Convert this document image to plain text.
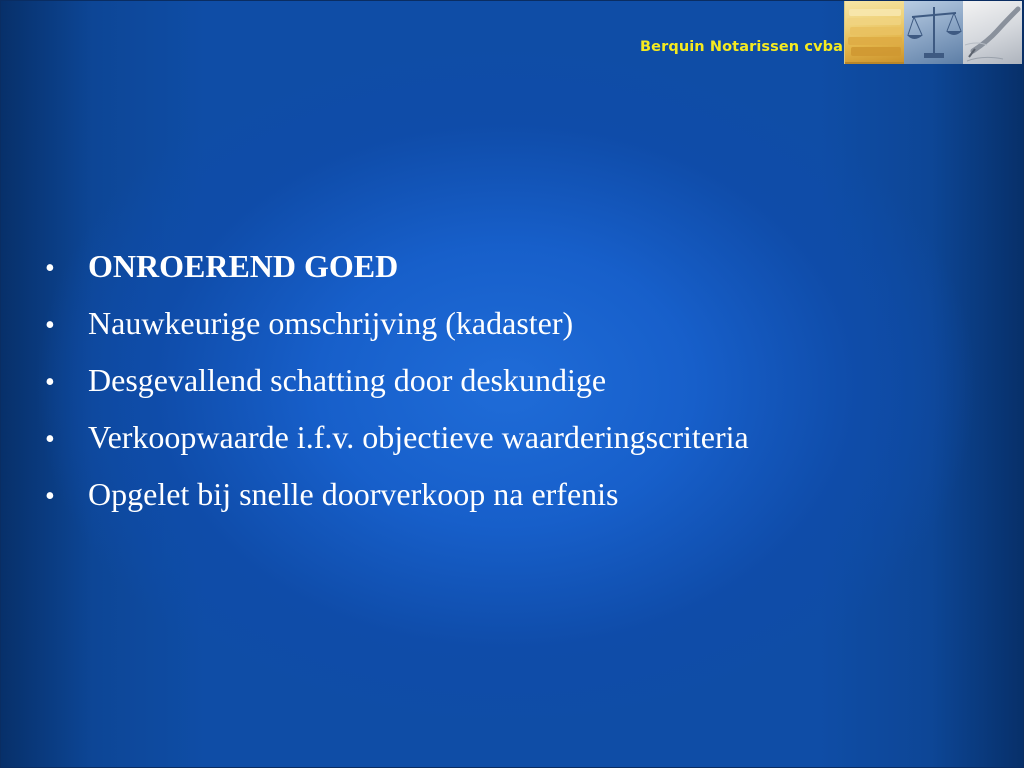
Berquin Notarissen cvba
•	ONROEREND GOED
•	Nauwkeurige omschrijving (kadaster)
•	Desgevallend schatting door deskundige
•	Verkoopwaarde i.f.v. objectieve waarderingscriteria
•	Opgelet bij snelle doorverkoop na erfenis
